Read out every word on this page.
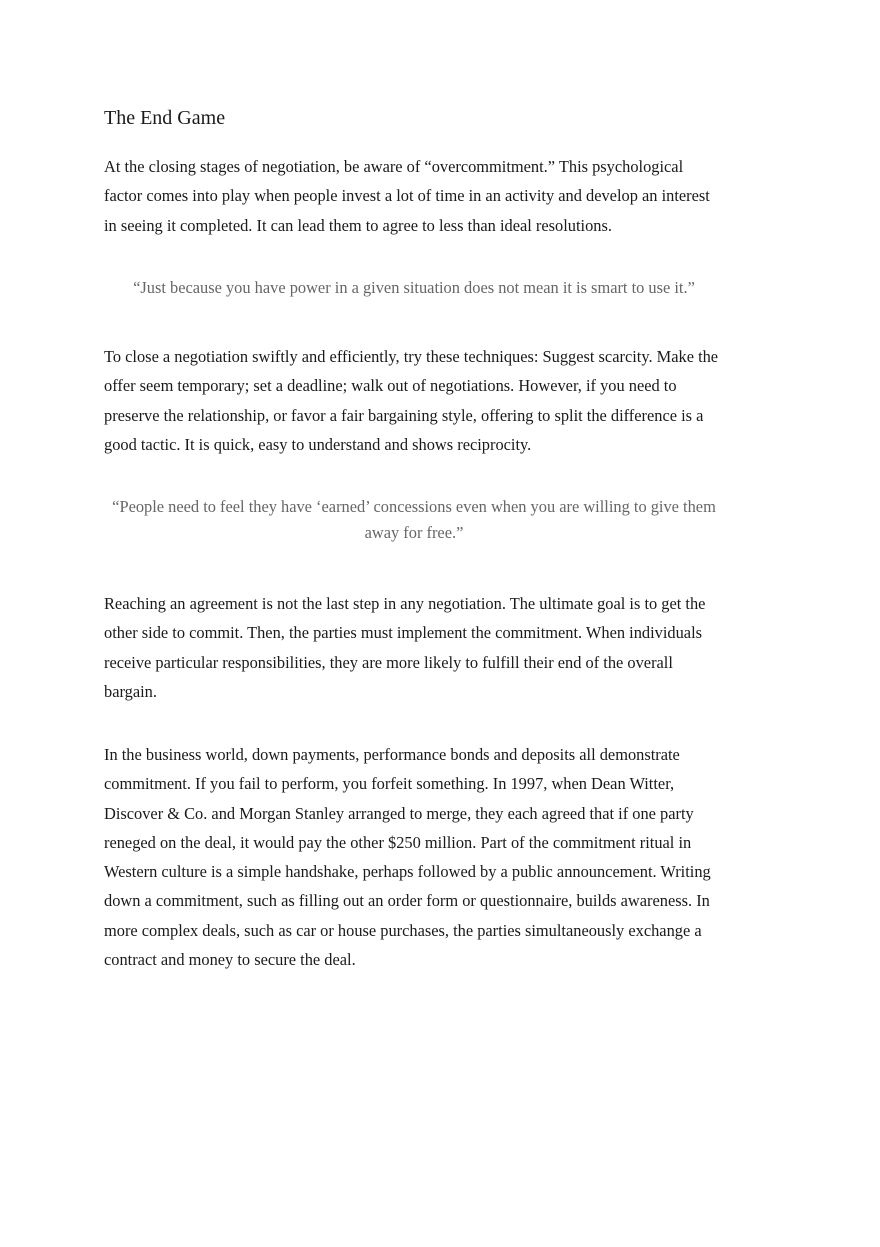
The End Game

At the closing stages of negotiation, be aware of “overcommitment.” This psychological factor comes into play when people invest a lot of time in an activity and develop an interest in seeing it completed. It can lead them to agree to less than ideal resolutions.

“Just because you have power in a given situation does not mean it is smart to use it.”

To close a negotiation swiftly and efficiently, try these techniques: Suggest scarcity. Make the offer seem temporary; set a deadline; walk out of negotiations. However, if you need to preserve the relationship, or favor a fair bargaining style, offering to split the difference is a good tactic. It is quick, easy to understand and shows reciprocity.

“People need to feel they have ‘earned’ concessions even when you are willing to give them away for free.”

Reaching an agreement is not the last step in any negotiation. The ultimate goal is to get the other side to commit. Then, the parties must implement the commitment. When individuals receive particular responsibilities, they are more likely to fulfill their end of the overall bargain.

In the business world, down payments, performance bonds and deposits all demonstrate commitment. If you fail to perform, you forfeit something. In 1997, when Dean Witter, Discover & Co. and Morgan Stanley arranged to merge, they each agreed that if one party reneged on the deal, it would pay the other $250 million. Part of the commitment ritual in Western culture is a simple handshake, perhaps followed by a public announcement. Writing down a commitment, such as filling out an order form or questionnaire, builds awareness. In more complex deals, such as car or house purchases, the parties simultaneously exchange a contract and money to secure the deal.
